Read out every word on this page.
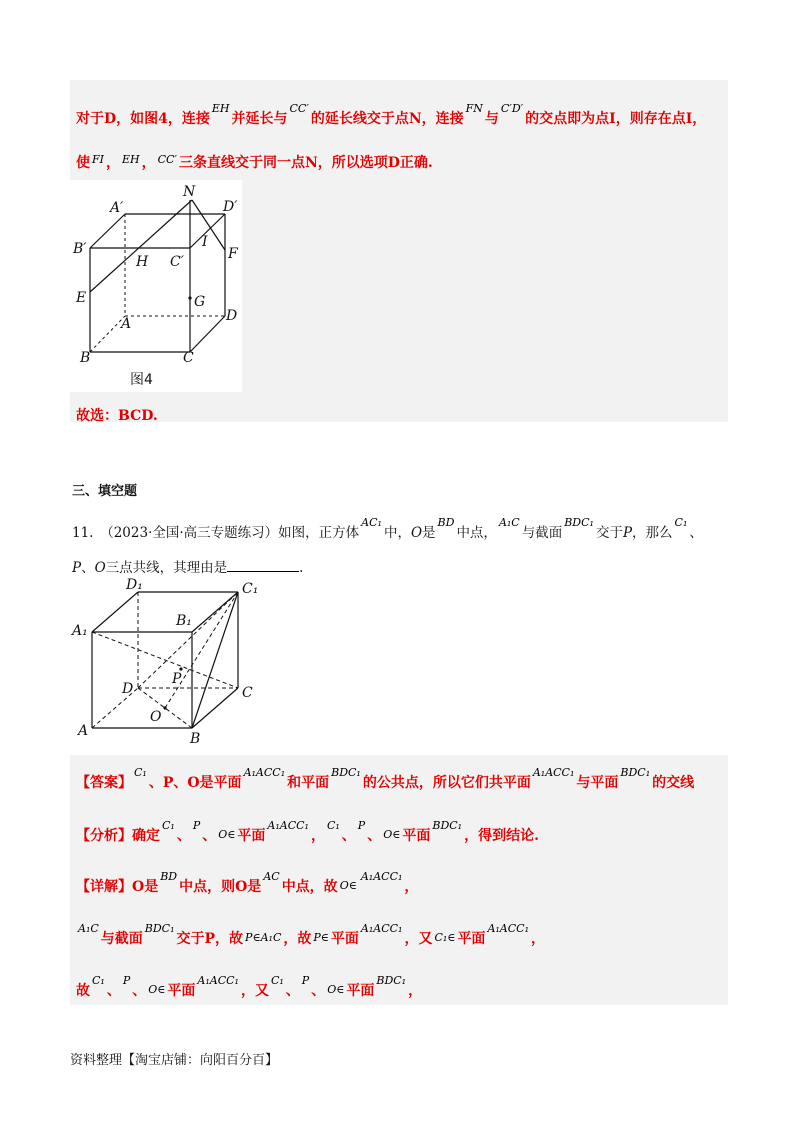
对于D，如图4，连接$^{EH}$并延长与$^{CC'}$的延长线交于点N，连接$^{FN}$与$^{C'D'}$的交点即为点I，则存在点I，
使 $^{FI}$ ， $^{EH}$ ， $^{CC'}$ 三条直线交于同一点N，所以选项D正确.
N
A′	D′
B′
H C′
I
F
E	G
A	D
B	C
图4
故选：BCD.
三、填空题
11.　（2023·全国·高三专题练习）如图，正方体$^{AC_1}$中，O是$^{BD}$中点，$^{A_1C}$与截面$^{BDC_1}$交于P，那么$^{C_1}$、
P、O三点共线，其理由是	.
D₁	C₁
B₁
A₁
P
D	C
O
A	B
【答案】$^{C_1}$、P、O是平面$^{A_1ACC_1}$和平面$^{BDC_1}$的公共点，所以它们共平面$^{A_1ACC_1}$与平面$^{BDC_1}$的交线
【分析】确定$^{C_1}$、$^P$、 O∈ 平面$^{A_1ACC_1}$，$^{C_1}$、$^P$、 O∈ 平面$^{BDC_1}$，得到结论.
【详解】O是$^{BD}$中点，则O是$^{AC}$中点，故 O∈$^{A_1ACC_1}$，
$^{A_1C}$与截面$^{BDC_1}$交于P，故 P∈A₁C ，故 P∈ 平面$^{A_1ACC_1}$，又 C₁∈ 平面$^{A_1ACC_1}$，
故$^{C_1}$、$^P$、 O∈ 平面$^{A_1ACC_1}$，又$^{C_1}$、$^P$、 O∈ 平面$^{BDC_1}$，
资料整理【淘宝店铺：向阳百分百】
